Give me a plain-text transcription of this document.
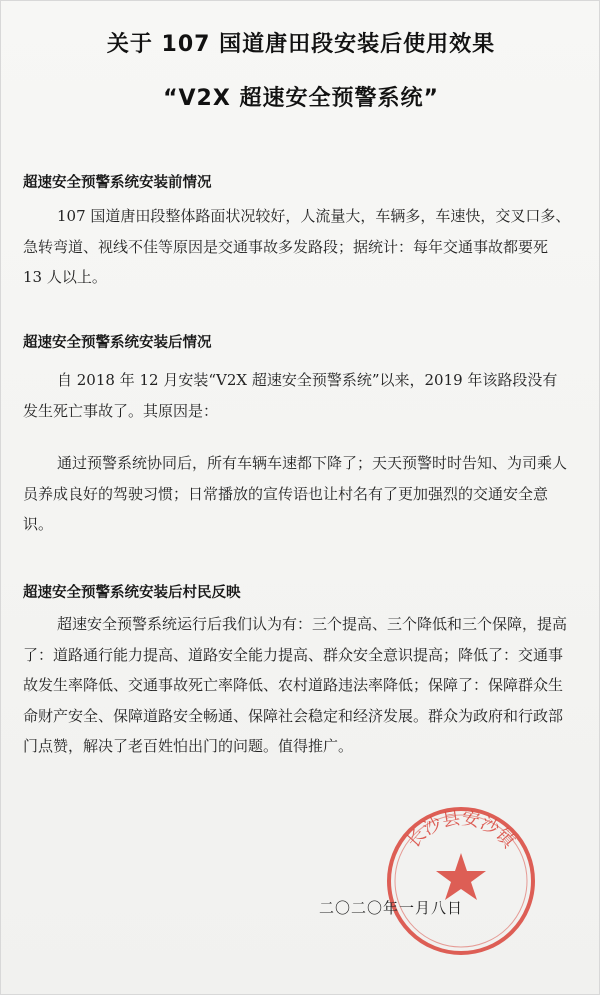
关于 107 国道唐田段安装后使用效果
“V2X 超速安全预警系统”
超速安全预警系统安装前情况
107 国道唐田段整体路面状况较好，人流量大，车辆多，车速快，交叉口多、急转弯道、视线不佳等原因是交通事故多发路段；据统计：每年交通事故都要死 13 人以上。
超速安全预警系统安装后情况
自 2018 年 12 月安装“V2X 超速安全预警系统”以来，2019 年该路段没有发生死亡事故了。其原因是：
通过预警系统协同后，所有车辆车速都下降了；天天预警时时告知、为司乘人员养成良好的驾驶习惯；日常播放的宣传语也让村名有了更加强烈的交通安全意识。
超速安全预警系统安装后村民反映
超速安全预警系统运行后我们认为有：三个提高、三个降低和三个保障，提高了：道路通行能力提高、道路安全能力提高、群众安全意识提高；降低了：交通事故发生率降低、交通事故死亡率降低、农村道路违法率降低；保障了：保障群众生命财产安全、保障道路安全畅通、保障社会稳定和经济发展。群众为政府和行政部门点赞，解决了老百姓怕出门的问题。值得推广。
长沙县安沙镇
二〇二〇年一月八日
